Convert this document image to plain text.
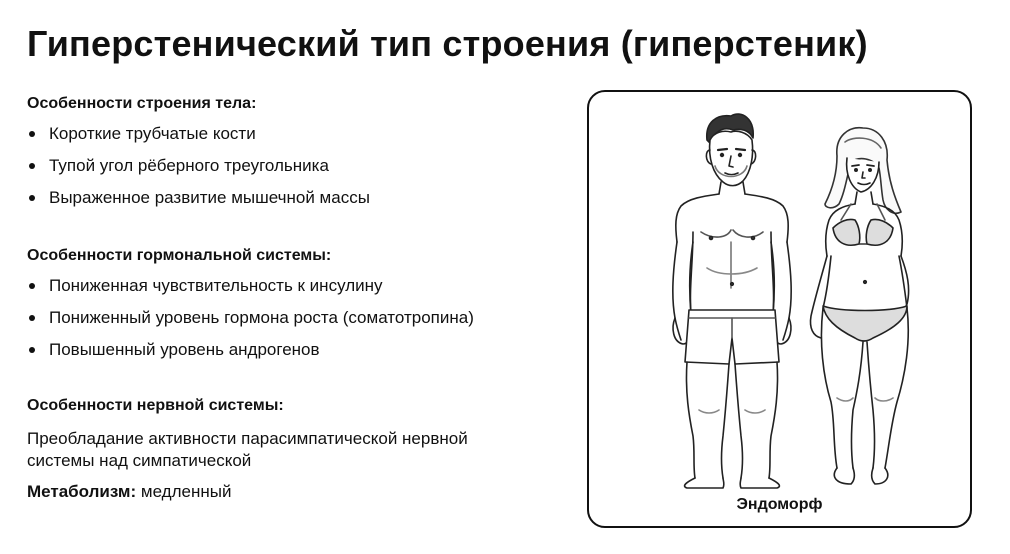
Гиперстенический тип строения (гиперстеник)

Особенности строения тела:

Короткие трубчатые кости
Тупой угол рёберного треугольника
Выраженное развитие мышечной массы

Особенности гормональной системы:

Пониженная чувствительность к инсулину
Пониженный уровень гормона роста (соматотропина)
Повышенный уровень андрогенов

Особенности нервной системы:

Преобладание активности парасимпатической нервной системы над симпатической

Метаболизм: медленный
Эндоморф
